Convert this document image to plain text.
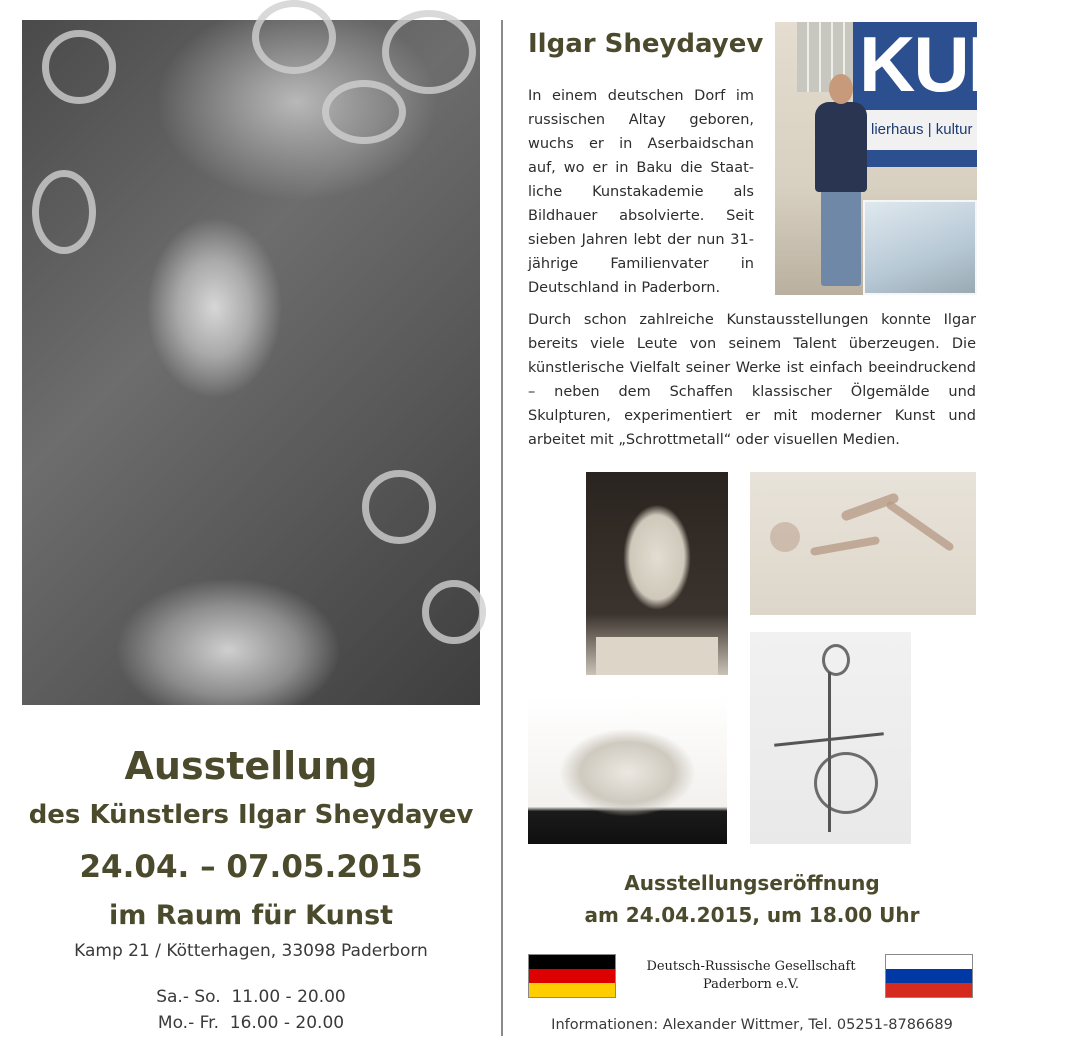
Ausstellung
des Künstlers Ilgar Sheydayev
24.04. – 07.05.2015
im Raum für Kunst
Kamp 21 / Kötterhagen, 33098 Paderborn
Sa.- So.  11.00 - 20.00
Mo.- Fr.  16.00 - 20.00
Ilgar Sheydayev KUNS
lierhaus | kultur
In einem deutschen Dorf im russischen Altay geboren, wuchs er in Aserbaidschan auf, wo er in Baku die Staatliche Kunstakademie als Bildhauer absolvierte. Seit sieben Jahren lebt der nun 31-jährige Familienvater in Deutschland in Paderborn.
Durch schon zahlreiche Kunstausstellungen konnte Ilgar bereits viele Leute von seinem Talent überzeugen. Die künstlerische Vielfalt seiner Werke ist einfach beeindruckend – neben dem Schaffen klassischer Ölgemälde und Skulpturen, experimentiert er mit moderner Kunst und arbeitet mit „Schrottmetall“ oder visuellen Medien.
Ausstellungseröffnung
am 24.04.2015, um 18.00 Uhr
Deutsch-Russische Gesellschaft
Paderborn e.V.
Informationen: Alexander Wittmer, Tel. 05251-8786689
